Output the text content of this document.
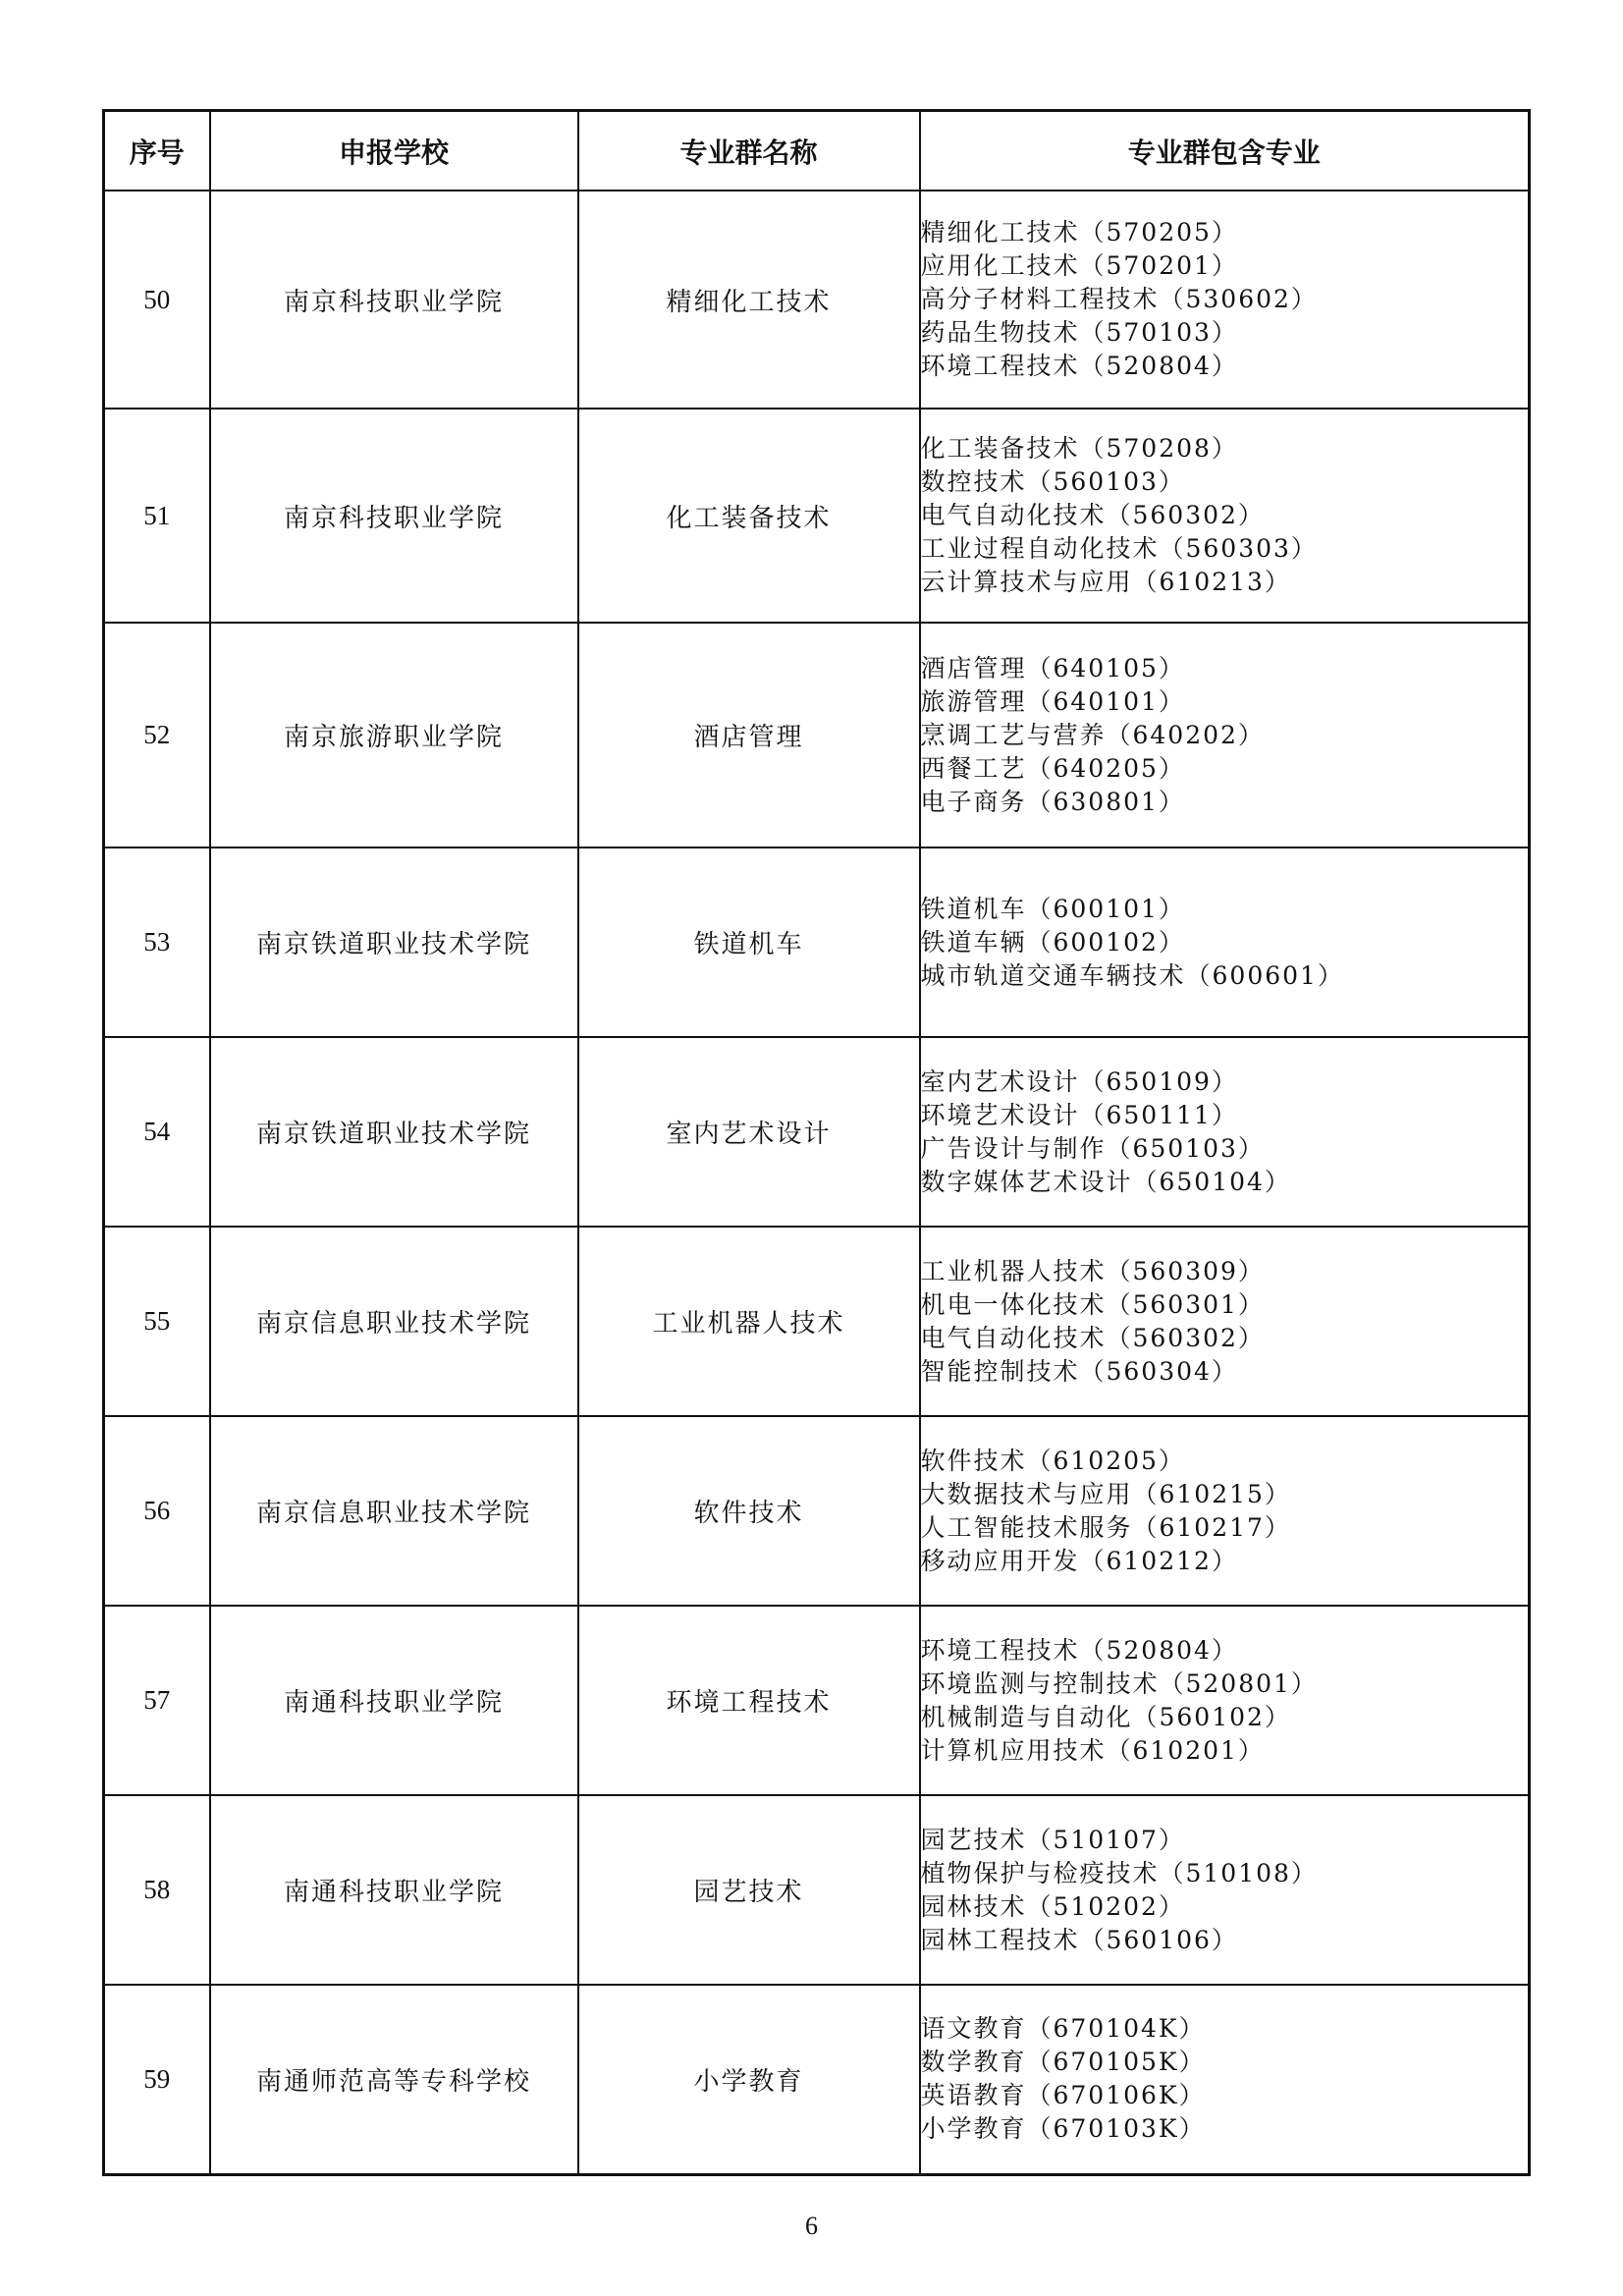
序号	申报学校	专业群名称	专业群包含专业
50	南京科技职业学院	精细化工技术	精细化工技术（570205）
应用化工技术（570201）
高分子材料工程技术（530602）
药品生物技术（570103）
环境工程技术（520804）

51	南京科技职业学院	化工装备技术	化工装备技术（570208）
数控技术（560103）
电气自动化技术（560302）
工业过程自动化技术（560303）
云计算技术与应用（610213）

52	南京旅游职业学院	酒店管理	酒店管理（640105）
旅游管理（640101）
烹调工艺与营养（640202）
西餐工艺（640205）
电子商务（630801）

53	南京铁道职业技术学院	铁道机车	铁道机车（600101）
铁道车辆（600102）
城市轨道交通车辆技术（600601）

54	南京铁道职业技术学院	室内艺术设计	室内艺术设计（650109）
环境艺术设计（650111）
广告设计与制作（650103）
数字媒体艺术设计（650104）

55	南京信息职业技术学院	工业机器人技术	工业机器人技术（560309）
机电一体化技术（560301）
电气自动化技术（560302）
智能控制技术（560304）

56	南京信息职业技术学院	软件技术	软件技术（610205）
大数据技术与应用（610215）
人工智能技术服务（610217）
移动应用开发（610212）

57	南通科技职业学院	环境工程技术	环境工程技术（520804）
环境监测与控制技术（520801）
机械制造与自动化（560102）
计算机应用技术（610201）

58	南通科技职业学院	园艺技术	园艺技术（510107）
植物保护与检疫技术（510108）
园林技术（510202）
园林工程技术（560106）

59	南通师范高等专科学校	小学教育	语文教育（670104K）
数学教育（670105K）
英语教育（670106K）
小学教育（670103K）
6
